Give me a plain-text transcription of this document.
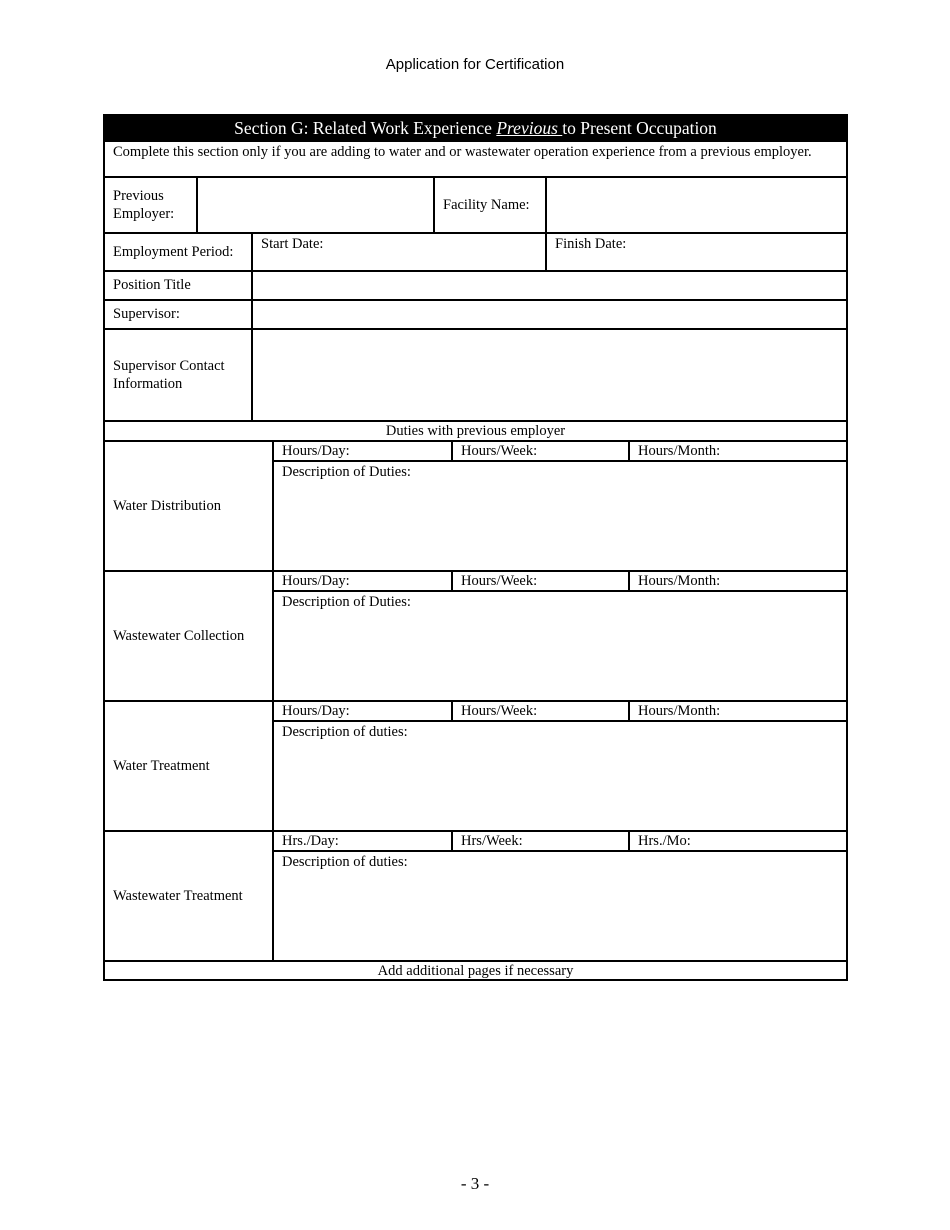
Application for Certification
Section G: Related Work Experience Previous to Present Occupation
Complete this section only if you are adding to water and or wastewater operation experience from a previous employer.
Previous Employer:
Facility Name:
Employment Period:	Start Date:	Finish Date:
Position Title
Supervisor:
Supervisor Contact Information
Duties with previous employer
Water Distribution
Hours/Day:	Hours/Week:	Hours/Month:
Description of Duties:
Wastewater Collection
Hours/Day:	Hours/Week:	Hours/Month:
Description of Duties:
Water Treatment
Hours/Day:	Hours/Week:	Hours/Month:
Description of duties:
Wastewater Treatment
Hrs./Day:	Hrs/Week:	Hrs./Mo:
Description of duties:
Add additional pages if necessary
- 3 -
